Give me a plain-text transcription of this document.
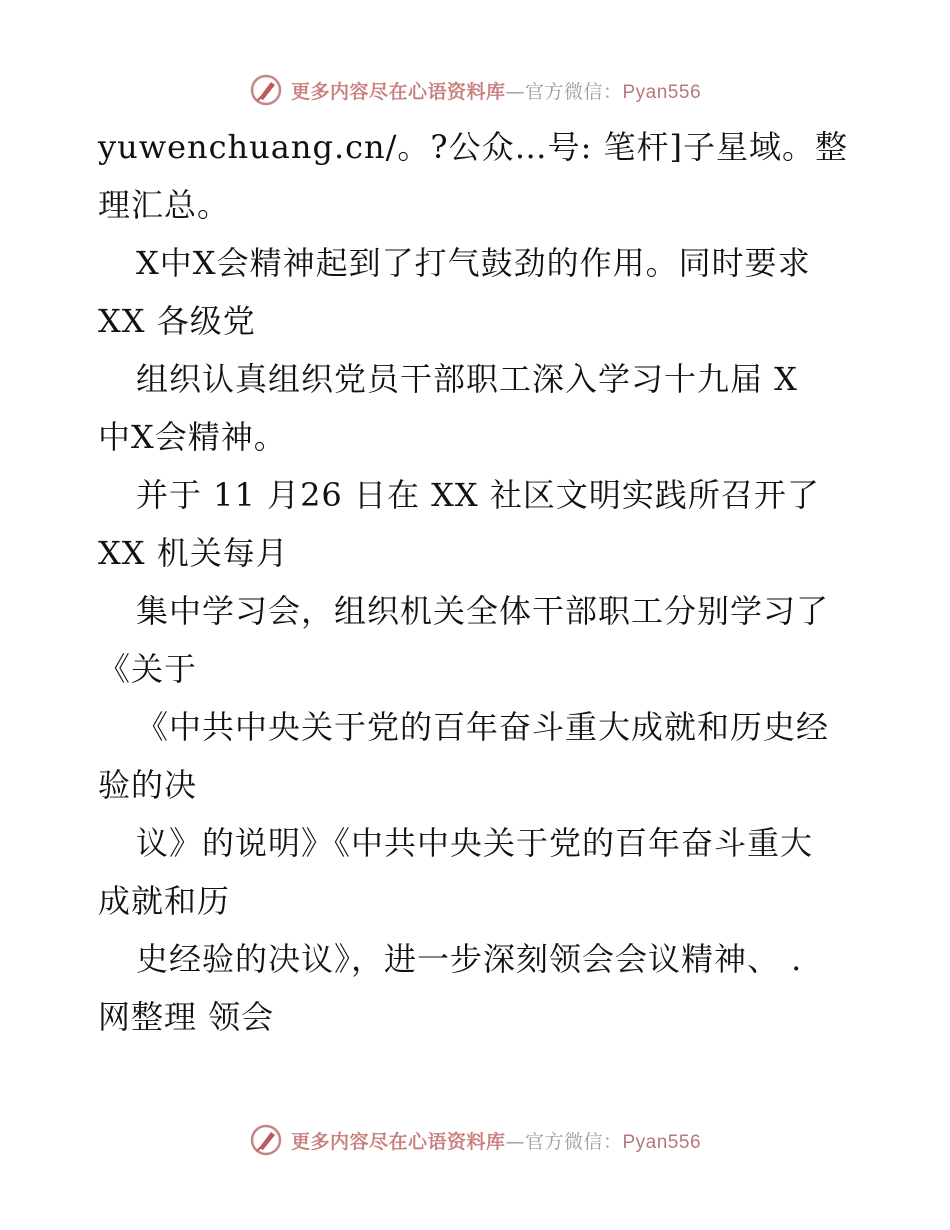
更多内容尽在心语资料库—官方微信：Pyan556
yuwenchuang.cn/。?公众…号: 笔杆]子星域。整
理汇总。
X中X会精神起到了打气鼓劲的作用。同时要求
XX 各级党
组织认真组织党员干部职工深入学习十九届 X
中X会精神。
并于 11 月26 日在 XX 社区文明实践所召开了
XX 机关每月
集中学习会，组织机关全体干部职工分别学习了
《关于
《中共中央关于党的百年奋斗重大成就和历史经
验的决
议》的说明》《中共中央关于党的百年奋斗重大
成就和历
史经验的决议》，进一步深刻领会会议精神、 .
网整理 领会
更多内容尽在心语资料库—官方微信：Pyan556
